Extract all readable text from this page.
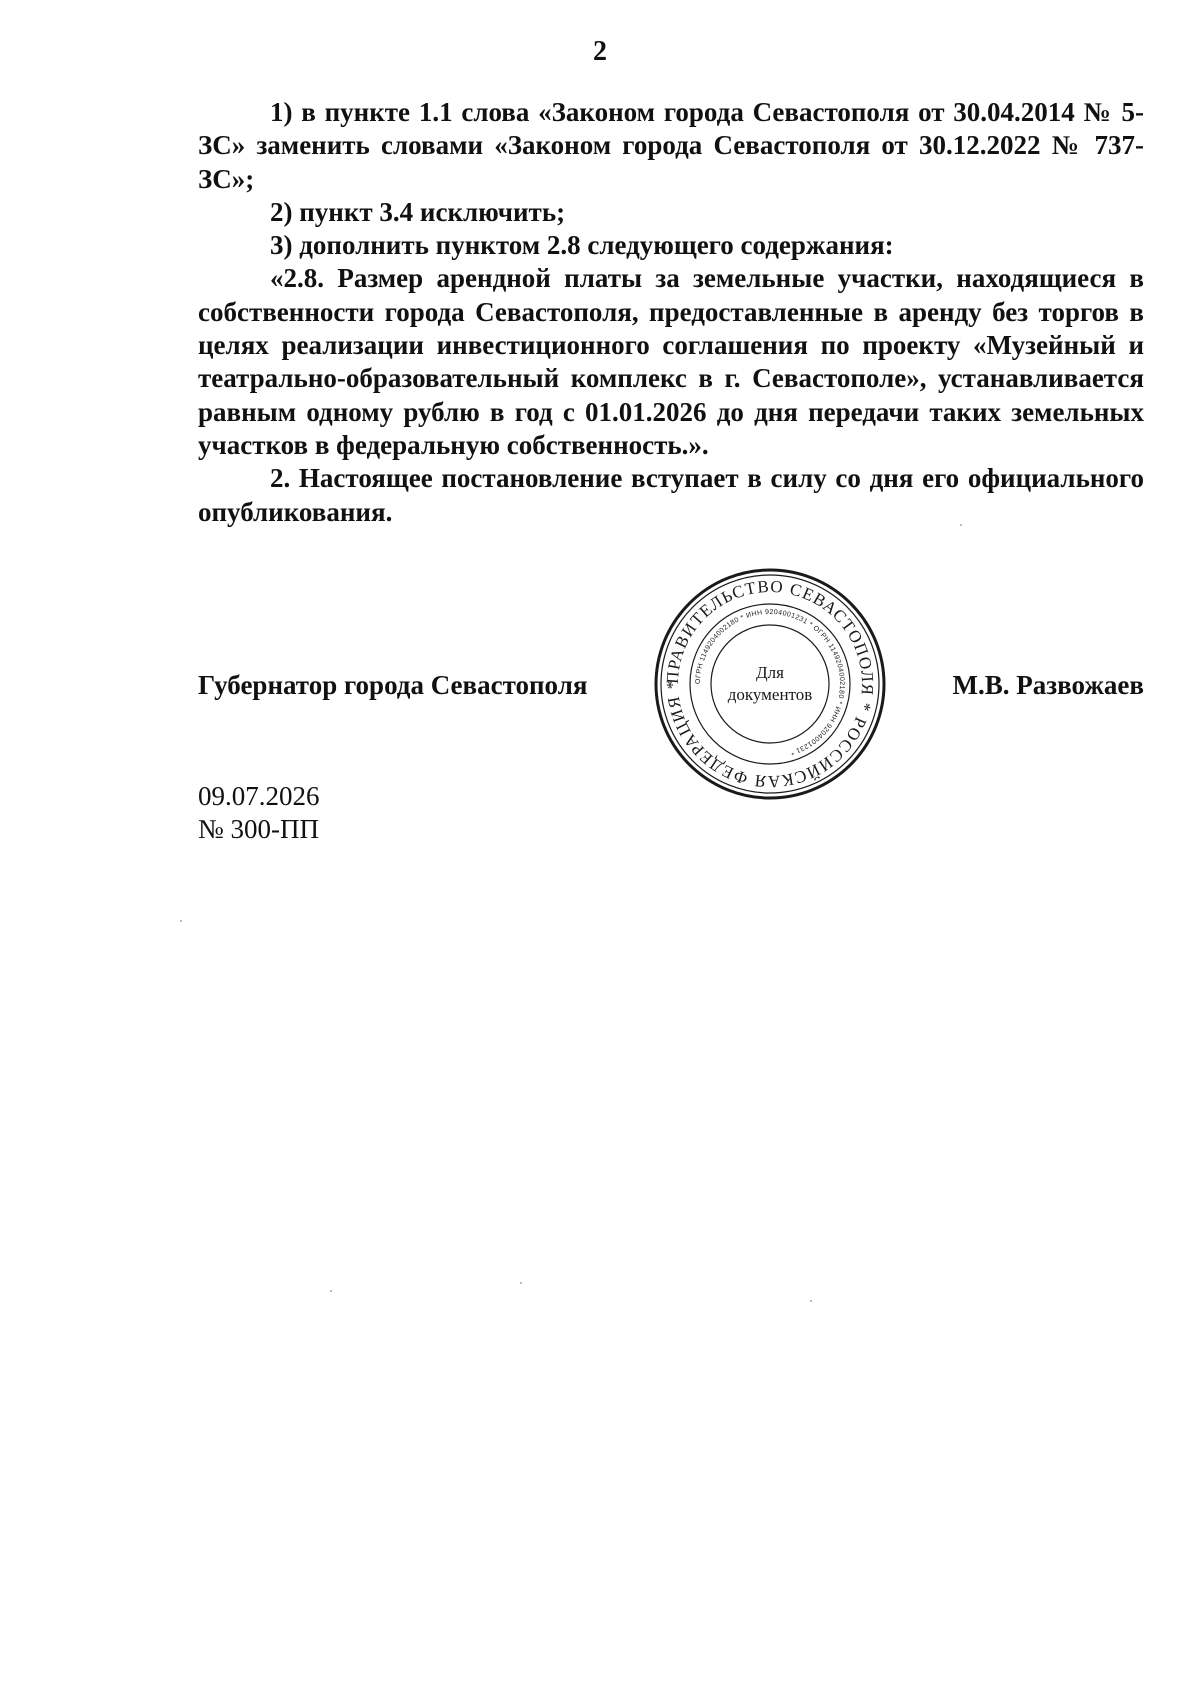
2

1) в пункте 1.1 слова «Законом города Севастополя от 30.04.2014 № 5-ЗС» заменить словами «Законом города Севастополя от 30.12.2022 № 737-ЗС»;

2) пункт 3.4 исключить;

3) дополнить пунктом 2.8 следующего содержания:

«2.8. Размер арендной платы за земельные участки, находящиеся в собственности города Севастополя, предоставленные в аренду без торгов в целях реализации инвестиционного соглашения по проекту «Музейный и театрально-образовательный комплекс в г. Севастополе», устанавливается равным одному рублю в год с 01.01.2026 до дня передачи таких земельных участков в федеральную собственность.».

2. Настоящее постановление вступает в силу со дня его официального опубликования.

Губернатор города Севастополя	ПРАВИТЕЛЬСТВО СЕВАСТОПОЛЯ * РОССИЙСКАЯ ФЕДЕРАЦИЯ *	ОГРН 1149204002180 * ИНН 9204001231 * ОГРН 1149204002180 * ИНН 9204001231 *
Для
документов	М.В. Развожаев
09.07.2026
№ 300-ПП
